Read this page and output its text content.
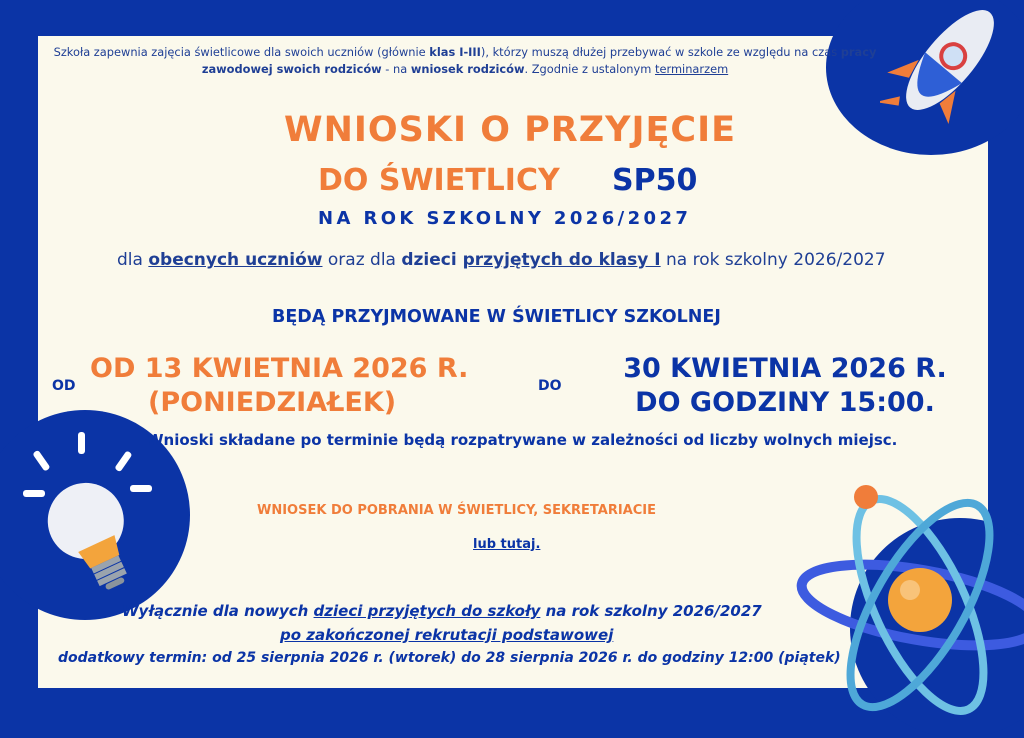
Szkoła zapewnia zajęcia świetlicowe dla swoich uczniów (głównie klas I-III), którzy muszą dłużej przebywać w szkole ze względu na czas pracy zawodowej swoich rodziców - na wniosek rodziców. Zgodnie z ustalonym terminarzem
WNIOSKI O PRZYJĘCIE
DO ŚWIETLICY SP50
NA ROK SZKOLNY 2026/2027
dla obecnych uczniów oraz dla dzieci przyjętych do klasy I na rok szkolny 2026/2027
BĘDĄ PRZYJMOWANE W ŚWIETLICY SZKOLNEJ
OD
OD 13 KWIETNIA 2026 R.
(PONIEDZIAŁEK)
DO
30 KWIETNIA 2026 R.
DO GODZINY 15:00.
Wnioski składane po terminie będą rozpatrywane w zależności od liczby wolnych miejsc.
WNIOSEK DO POBRANIA W ŚWIETLICY, SEKRETARIACIE
lub tutaj.
Wyłącznie dla nowych dzieci przyjętych do szkoły na rok szkolny 2026/2027
po zakończonej rekrutacji podstawowej
dodatkowy termin: od 25 sierpnia 2026 r. (wtorek) do 28 sierpnia 2026 r. do godziny 12:00 (piątek)
